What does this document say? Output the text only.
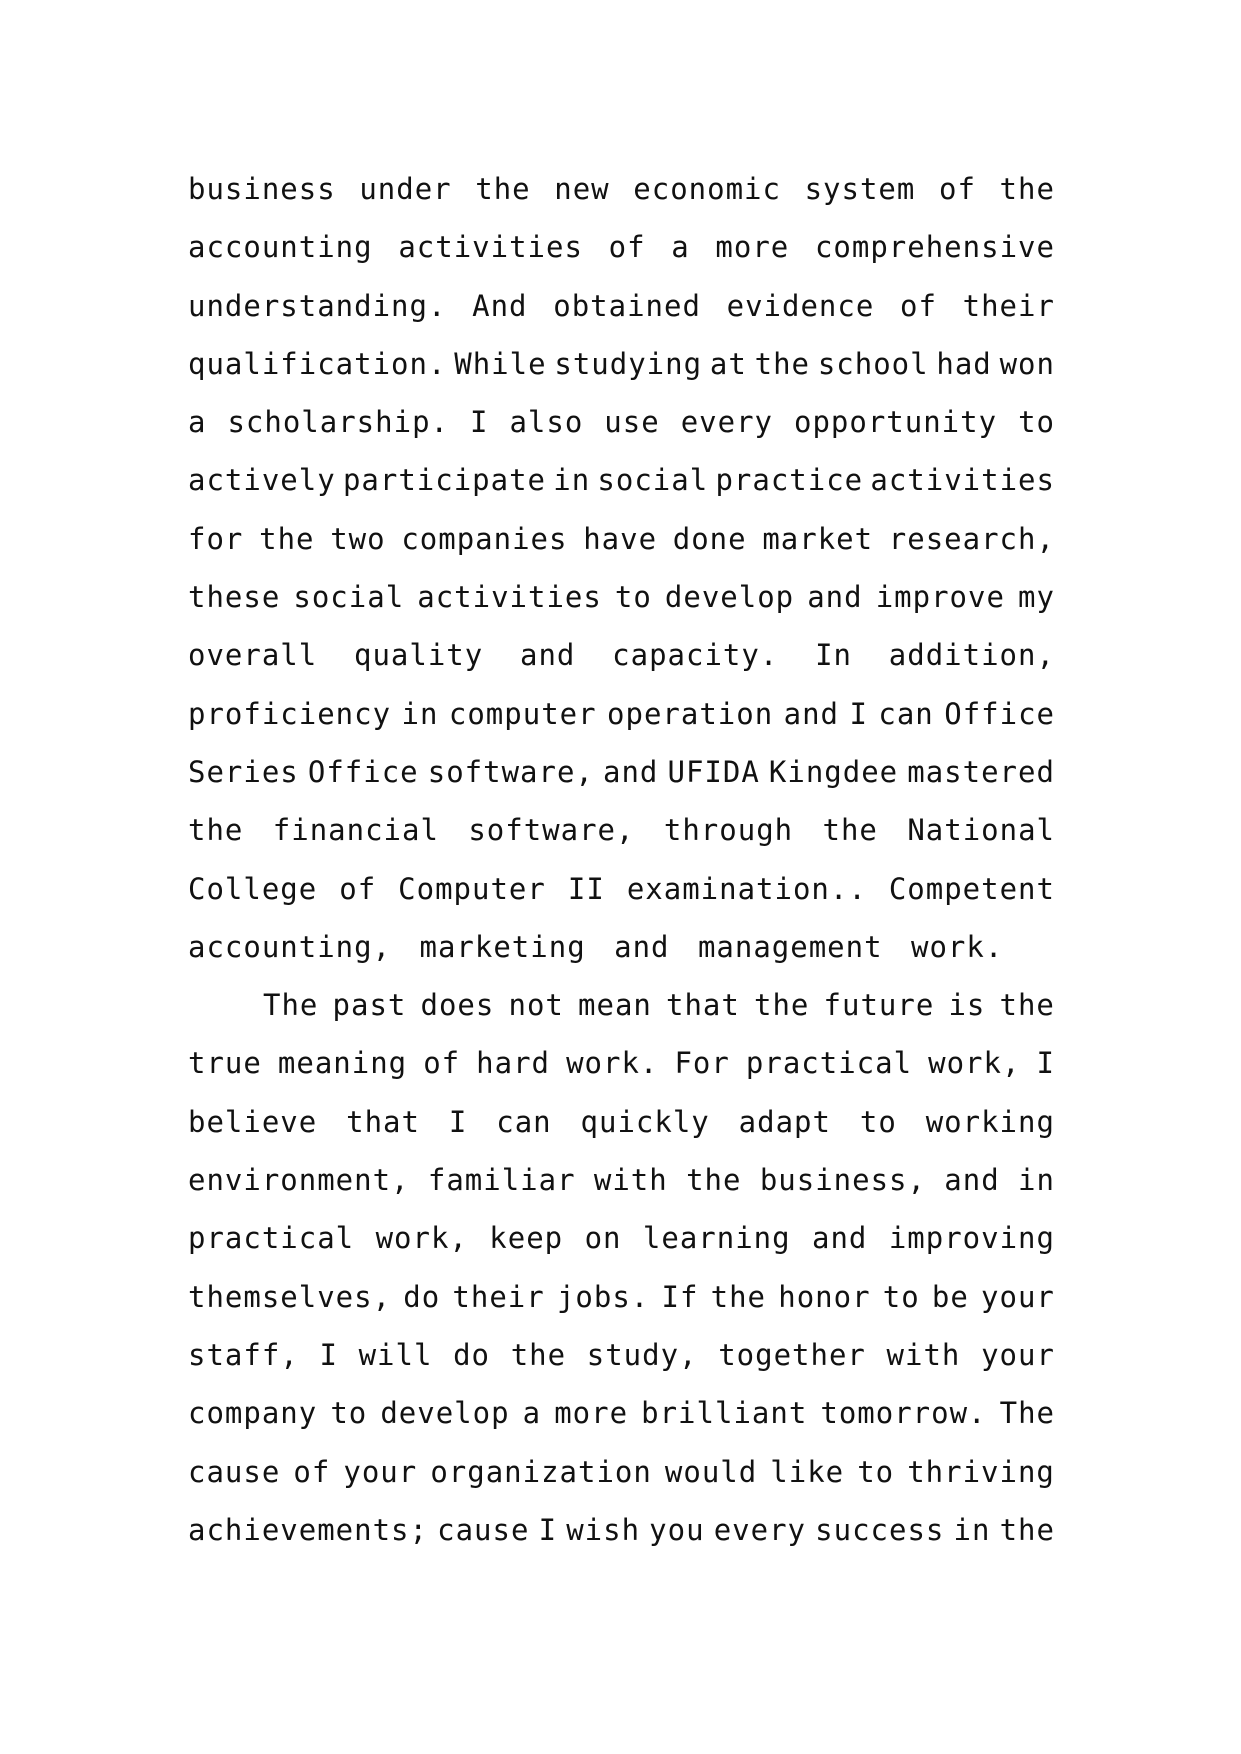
business under the new economic system of the
accounting activities of a more comprehensive
understanding. And obtained evidence of their
qualification. While studying at the school had won
a scholarship. I also use every opportunity to
actively participate in social practice activities
for the two companies have done market research,
these social activities to develop and improve my
overall quality and capacity. In addition,
proficiency in computer operation and I can Office
Series Office software, and UFIDA Kingdee mastered
the financial software, through the National
College of Computer II examination.. Competent
accounting, marketing and management work.
The past does not mean that the future is the
true meaning of hard work. For practical work, I
believe that I can quickly adapt to working
environment, familiar with the business, and in
practical work, keep on learning and improving
themselves, do their jobs. If the honor to be your
staff, I will do the study, together with your
company to develop a more brilliant tomorrow. The
cause of your organization would like to thriving
achievements; cause I wish you every success in the
